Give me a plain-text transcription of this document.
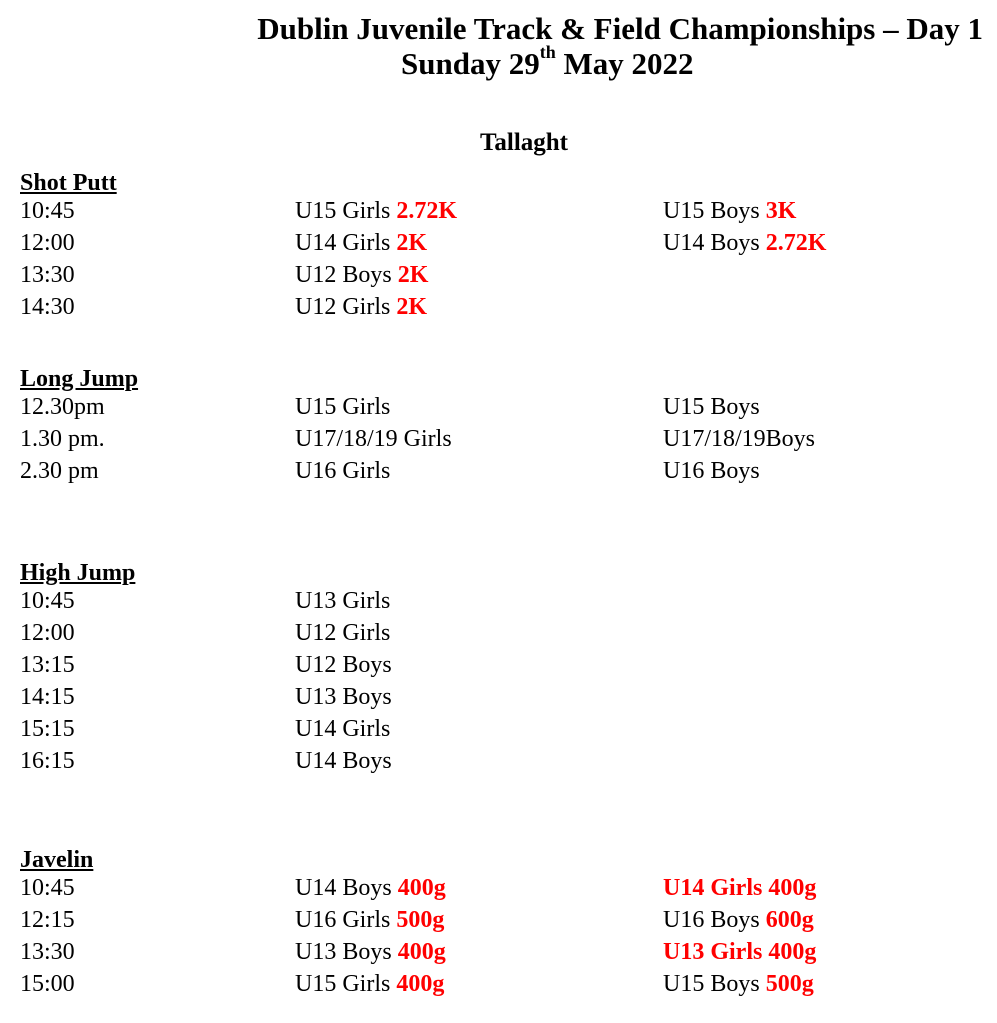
Dublin Juvenile Track & Field Championships – Day 1
Sunday 29th May 2022
Tallaght
Shot Putt
10:45	U15 Girls 2.72K	U15 Boys 3K
12:00	U14 Girls 2K	U14 Boys 2.72K
13:30	U12 Boys 2K
14:30	U12 Girls 2K
Long Jump
12.30pm	U15 Girls	U15 Boys
1.30 pm.	U17/18/19 Girls	U17/18/19Boys
2.30 pm	U16 Girls	U16 Boys
High Jump
10:45	U13 Girls
12:00	U12 Girls
13:15	U12 Boys
14:15	U13 Boys
15:15	U14 Girls
16:15	U14 Boys
Javelin
10:45	U14 Boys 400g	U14 Girls 400g
12:15	U16 Girls 500g	U16 Boys 600g
13:30	U13 Boys 400g	U13 Girls 400g
15:00	U15 Girls 400g	U15 Boys 500g
